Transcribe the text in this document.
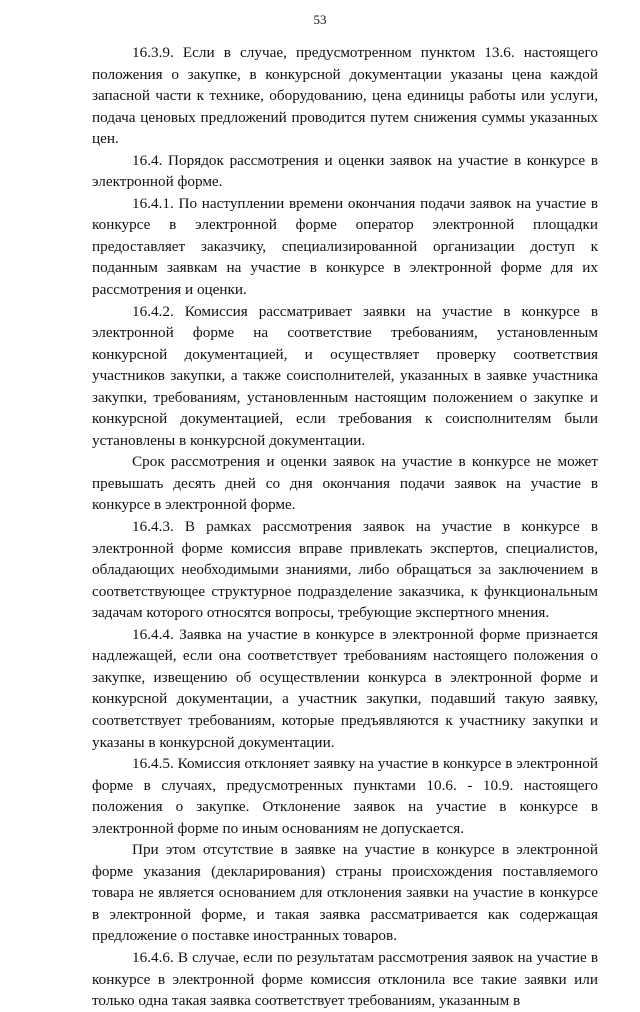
53

16.3.9. Если в случае, предусмотренном пунктом 13.6. настоящего положения о закупке, в конкурсной документации указаны цена каждой запасной части к технике, оборудованию, цена единицы работы или услуги, подача ценовых предложений проводится путем снижения суммы указанных цен.

16.4. Порядок рассмотрения и оценки заявок на участие в конкурсе в электронной форме.

16.4.1. По наступлении времени окончания подачи заявок на участие в конкурсе в электронной форме оператор электронной площадки предоставляет заказчику, специализированной организации доступ к поданным заявкам на участие в конкурсе в электронной форме для их рассмотрения и оценки.

16.4.2. Комиссия рассматривает заявки на участие в конкурсе в электронной форме на соответствие требованиям, установленным конкурсной документацией, и осуществляет проверку соответствия участников закупки, а также соисполнителей, указанных в заявке участника закупки, требованиям, установленным настоящим положением о закупке и конкурсной документацией, если требования к соисполнителям были установлены в конкурсной документации.

Срок рассмотрения и оценки заявок на участие в конкурсе не может превышать десять дней со дня окончания подачи заявок на участие в конкурсе в электронной форме.

16.4.3. В рамках рассмотрения заявок на участие в конкурсе в электронной форме комиссия вправе привлекать экспертов, специалистов, обладающих необходимыми знаниями, либо обращаться за заключением в соответствующее структурное подразделение заказчика, к функциональным задачам которого относятся вопросы, требующие экспертного мнения.

16.4.4. Заявка на участие в конкурсе в электронной форме признается надлежащей, если она соответствует требованиям настоящего положения о закупке, извещению об осуществлении конкурса в электронной форме и конкурсной документации, а участник закупки, подавший такую заявку, соответствует требованиям, которые предъявляются к участнику закупки и указаны в конкурсной документации.

16.4.5. Комиссия отклоняет заявку на участие в конкурсе в электронной форме в случаях, предусмотренных пунктами 10.6. - 10.9. настоящего положения о закупке. Отклонение заявок на участие в конкурсе в электронной форме по иным основаниям не допускается.

При этом отсутствие в заявке на участие в конкурсе в электронной форме указания (декларирования) страны происхождения поставляемого товара не является основанием для отклонения заявки на участие в конкурсе в электронной форме, и такая заявка рассматривается как содержащая предложение о поставке иностранных товаров.

16.4.6. В случае, если по результатам рассмотрения заявок на участие в конкурсе в электронной форме комиссия отклонила все такие заявки или только одна такая заявка соответствует требованиям, указанным в
